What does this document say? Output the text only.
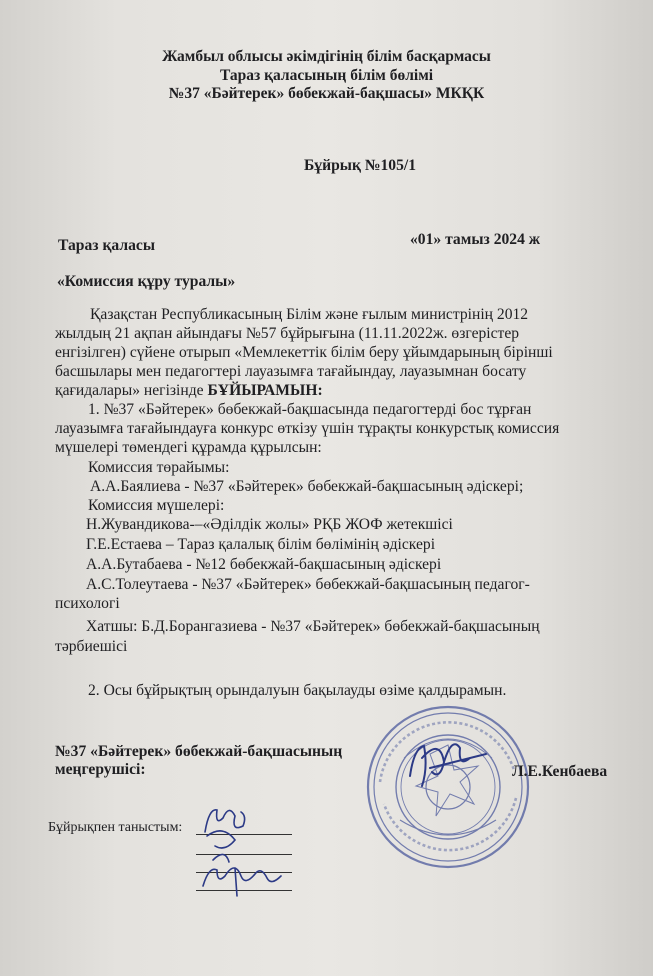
Жамбыл облысы әкімдігінің білім басқармасы
Тараз қаласының білім бөлімі
№37 «Бәйтерек» бөбекжай-бақшасы» МКҚК
Бұйрық №105/1
Тараз қаласы	«01» тамыз 2024 ж
«Комиссия құру туралы»
Қазақстан Республикасының Білім және ғылым министрінің 2012
жылдың 21 ақпан айындағы №57 бұйрығына (11.11.2022ж. өзгерістер
енгізілген) сүйене отырып «Мемлекеттік білім беру ұйымдарының бірінші
басшылары мен педагогтері лауазымға тағайындау, лауазымнан босату
қағидалары» негізінде БҰЙЫРАМЫН:
1. №37 «Бәйтерек» бөбекжай-бақшасында педагогтерді бос тұрған
лауазымға тағайындауға конкурс өткізу үшін тұрақты конкурстық комиссия
мүшелері төмендегі құрамда құрылсын:
Комиссия төрайымы:
А.А.Баялиева - №37 «Бәйтерек» бөбекжай-бақшасының әдіскері;
Комиссия мүшелері:
Н.Жувандикова-–«Әділдік жолы» РҚБ ЖОФ жетекшісі
Г.Е.Естаева – Тараз қалалық білім бөлімінің әдіскері
А.А.Бутабаева - №12 бөбекжай-бақшасының әдіскері
А.С.Толеутаева - №37 «Бәйтерек» бөбекжай-бақшасының педагог-
психологі
Хатшы: Б.Д.Борангазиева - №37 «Бәйтерек» бөбекжай-бақшасының
тәрбиешісі
2. Осы бұйрықтың орындалуын бақылауды өзіме қалдырамын.
№37 «Бәйтерек» бөбекжай-бақшасының
меңгерушісі:	Л.Е.Кенбаева
Бұйрықпен таныстым:
